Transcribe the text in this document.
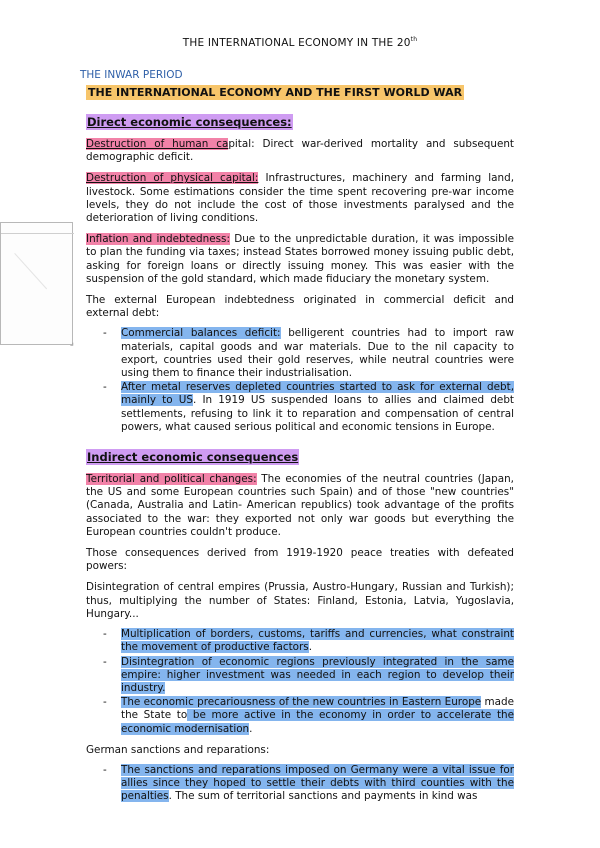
THE INTERNATIONAL ECONOMY IN THE 20th
THE INWAR PERIOD
⌟
THE INTERNATIONAL ECONOMY AND THE FIRST WORLD WAR
Direct economic consequences:

Destruction of human capital: Direct war-derived mortality and subsequent demographic deficit.

Destruction of physical capital: Infrastructures, machinery and farming land, livestock. Some estimations consider the time spent recovering pre-war income levels, they do not include the cost of those investments paralysed and the deterioration of living conditions.

Inflation and indebtedness: Due to the unpredictable duration, it was impossible to plan the funding via taxes; instead States borrowed money issuing public debt, asking for foreign loans or directly issuing money. This was easier with the suspension of the gold standard, which made fiduciary the monetary system.

The external European indebtedness originated in commercial deficit and external debt:

- Commercial balances deficit: belligerent countries had to import raw materials, capital goods and war materials. Due to the nil capacity to export, countries used their gold reserves, while neutral countries were using them to finance their industrialisation.
- After metal reserves depleted countries started to ask for external debt, mainly to US. In 1919 US suspended loans to allies and claimed debt settlements, refusing to link it to reparation and compensation of central powers, what caused serious political and economic tensions in Europe.
Indirect economic consequences

Territorial and political changes: The economies of the neutral countries (Japan, the US and some European countries such Spain) and of those "new countries" (Canada, Australia and Latin- American republics) took advantage of the profits associated to the war: they exported not only war goods but everything the European countries couldn't produce.

Those consequences derived from 1919-1920 peace treaties with defeated powers:

Disintegration of central empires (Prussia, Austro-Hungary, Russian and Turkish); thus, multiplying the number of States: Finland, Estonia, Latvia, Yugoslavia, Hungary...

- Multiplication of borders, customs, tariffs and currencies, what constraint the movement of productive factors.
- Disintegration of economic regions previously integrated in the same empire: higher investment was needed in each region to develop their industry.
- The economic precariousness of the new countries in Eastern Europe made the State to be more active in the economy in order to accelerate the economic modernisation.

German sanctions and reparations:

- The sanctions and reparations imposed on Germany were a vital issue for allies since they hoped to settle their debts with third counties with the penalties. The sum of territorial sanctions and payments in kind was
